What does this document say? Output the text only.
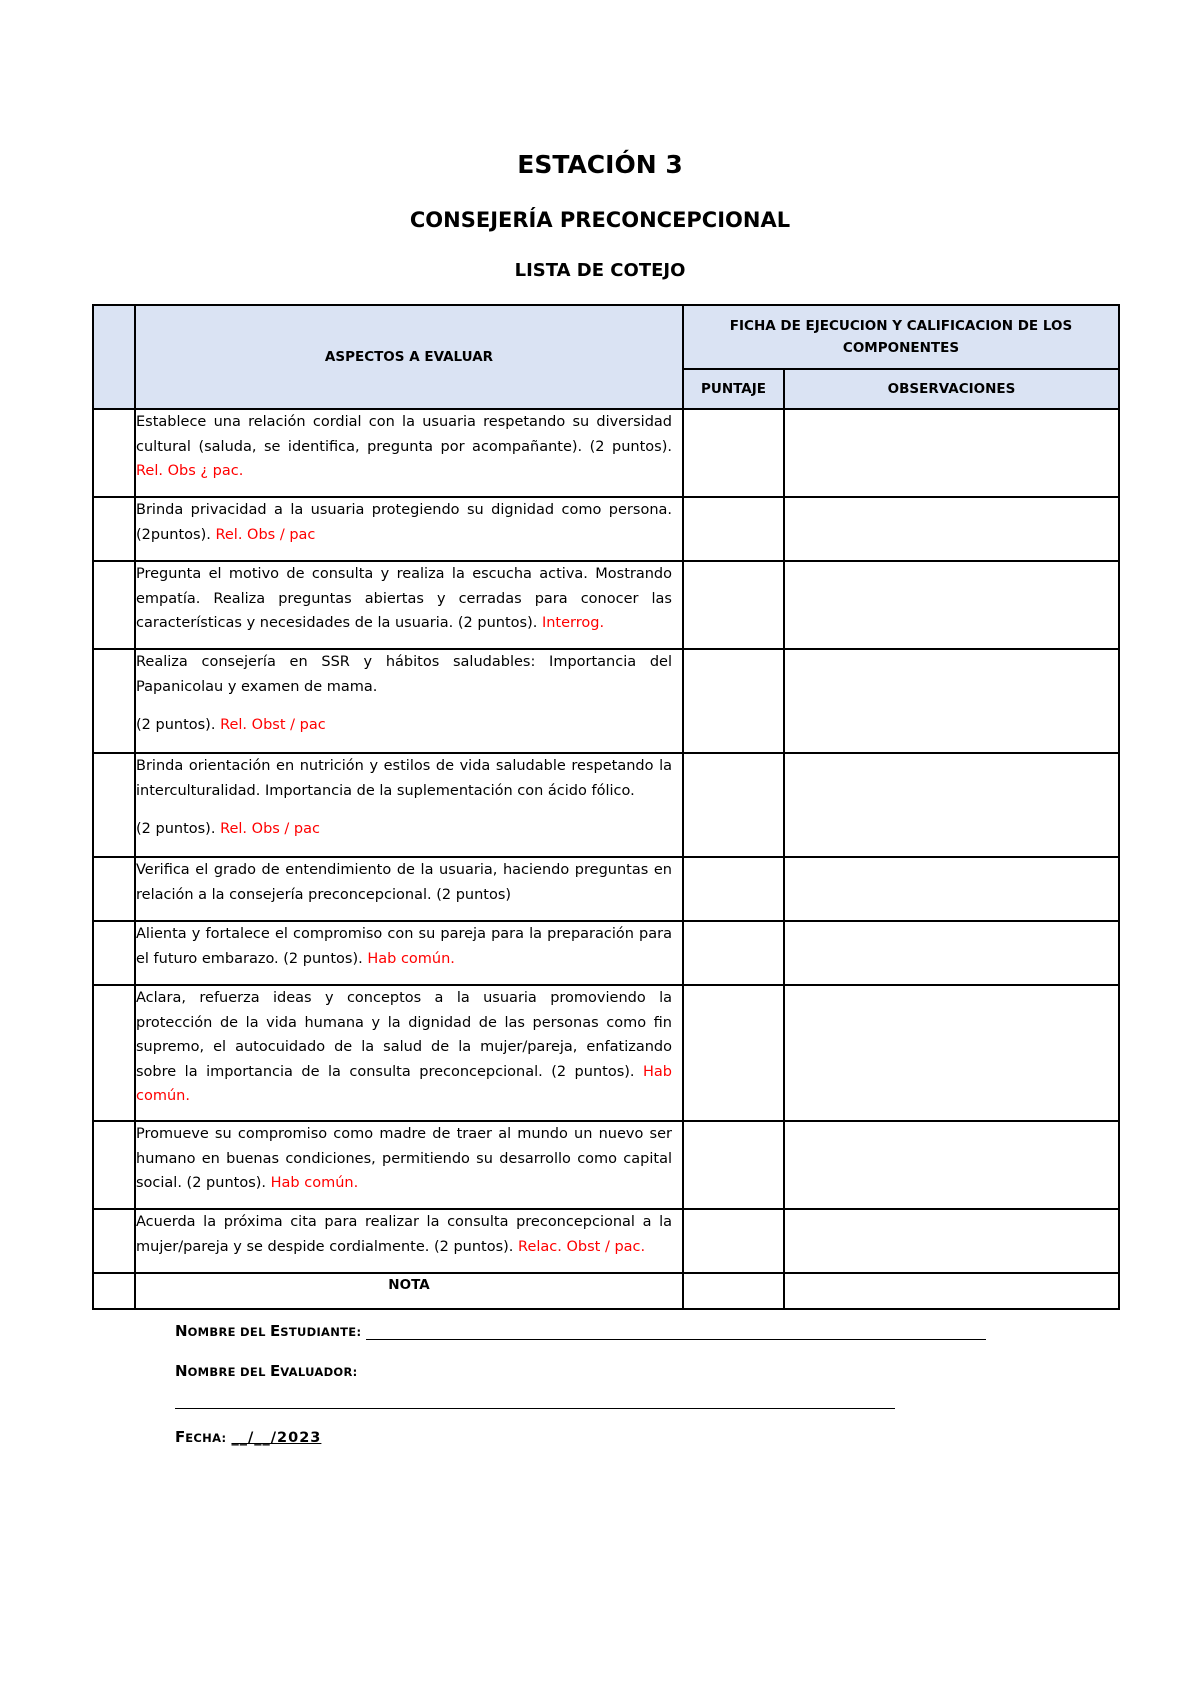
ESTACIÓN 3
CONSEJERÍA PRECONCEPCIONAL
LISTA DE COTEJO
	ASPECTOS A EVALUAR	FICHA DE EJECUCION Y CALIFICACION DE LOS COMPONENTES	
		PUNTAJE	OBSERVACIONES

	Establece una relación cordial con la usuaria respetando su diversidad cultural (saluda, se identifica, pregunta por acompañante). (2 puntos). Rel. Obs ¿ pac.		

	Brinda privacidad a la usuaria protegiendo su dignidad como persona. (2puntos). Rel. Obs / pac		

	Pregunta el motivo de consulta y realiza la escucha activa. Mostrando empatía. Realiza preguntas abiertas y cerradas para conocer las características y necesidades de la usuaria. (2 puntos). Interrog.		

	Realiza consejería en SSR y hábitos saludables: Importancia del Papanicolau y examen de mama.

(2 puntos). Rel. Obst / pac		

	Brinda orientación en nutrición y estilos de vida saludable respetando la interculturalidad. Importancia de la suplementación con ácido fólico.

(2 puntos). Rel. Obs / pac		

	Verifica el grado de entendimiento de la usuaria, haciendo preguntas en relación a la consejería preconcepcional. (2 puntos)		

	Alienta y fortalece el compromiso con su pareja para la preparación para el futuro embarazo. (2 puntos). Hab común.		

	Aclara, refuerza ideas y conceptos a la usuaria promoviendo la protección de la vida humana y la dignidad de las personas como fin supremo, el autocuidado de la salud de la mujer/pareja, enfatizando sobre la importancia de la consulta preconcepcional. (2 puntos). Hab común.		

	Promueve su compromiso como madre de traer al mundo un nuevo ser humano en buenas condiciones, permitiendo su desarrollo como capital social. (2 puntos). Hab común.		

	Acuerda la próxima cita para realizar la consulta preconcepcional a la mujer/pareja y se despide cordialmente. (2 puntos). Relac. Obst / pac.		

	NOTA		
NOMBRE DEL ESTUDIANTE:
NOMBRE DEL EVALUADOR:
FECHA: __/__/2023
